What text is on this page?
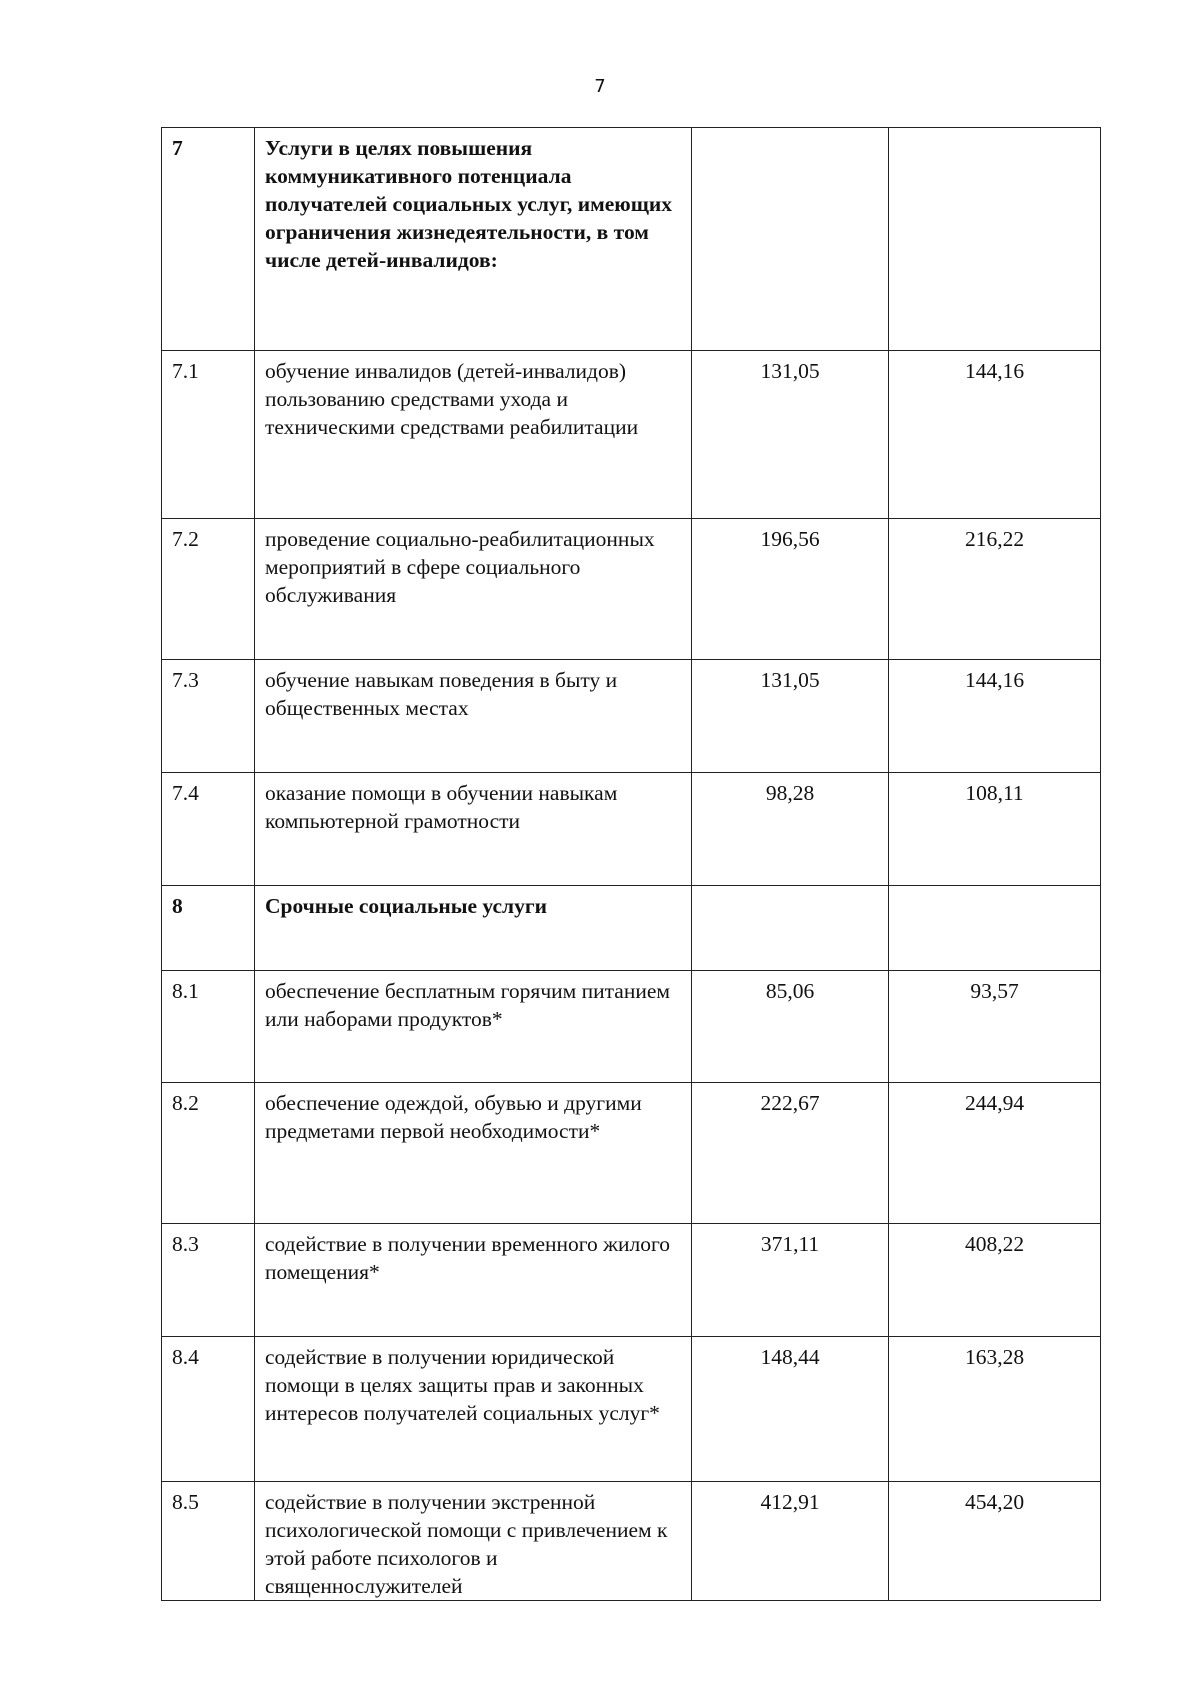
7
7	Услуги в целях повышения коммуникативного потенциала получателей социальных услуг, имеющих ограничения жизнедеятельности, в том числе детей-инвалидов:		

7.1	обучение инвалидов (детей-инвалидов) пользованию средствами ухода и техническими средствами реабилитации	131,05	144,16

7.2	проведение социально-реабилитационных мероприятий в сфере социального обслуживания	196,56	216,22

7.3	обучение навыкам поведения в быту и общественных местах	131,05	144,16

7.4	оказание помощи в обучении навыкам компьютерной грамотности	98,28	108,11

8	Срочные социальные услуги		

8.1	обеспечение бесплатным горячим питанием или наборами продуктов*	85,06	93,57

8.2	обеспечение одеждой, обувью и другими предметами первой необходимости*	222,67	244,94

8.3	содействие в получении временного жилого помещения*	371,11	408,22

8.4	содействие в получении юридической помощи в целях защиты прав и законных интересов получателей социальных услуг*	148,44	163,28

8.5	содействие в получении экстренной психологической помощи с привлечением к этой работе психологов и священнослужителей	412,91	454,20
